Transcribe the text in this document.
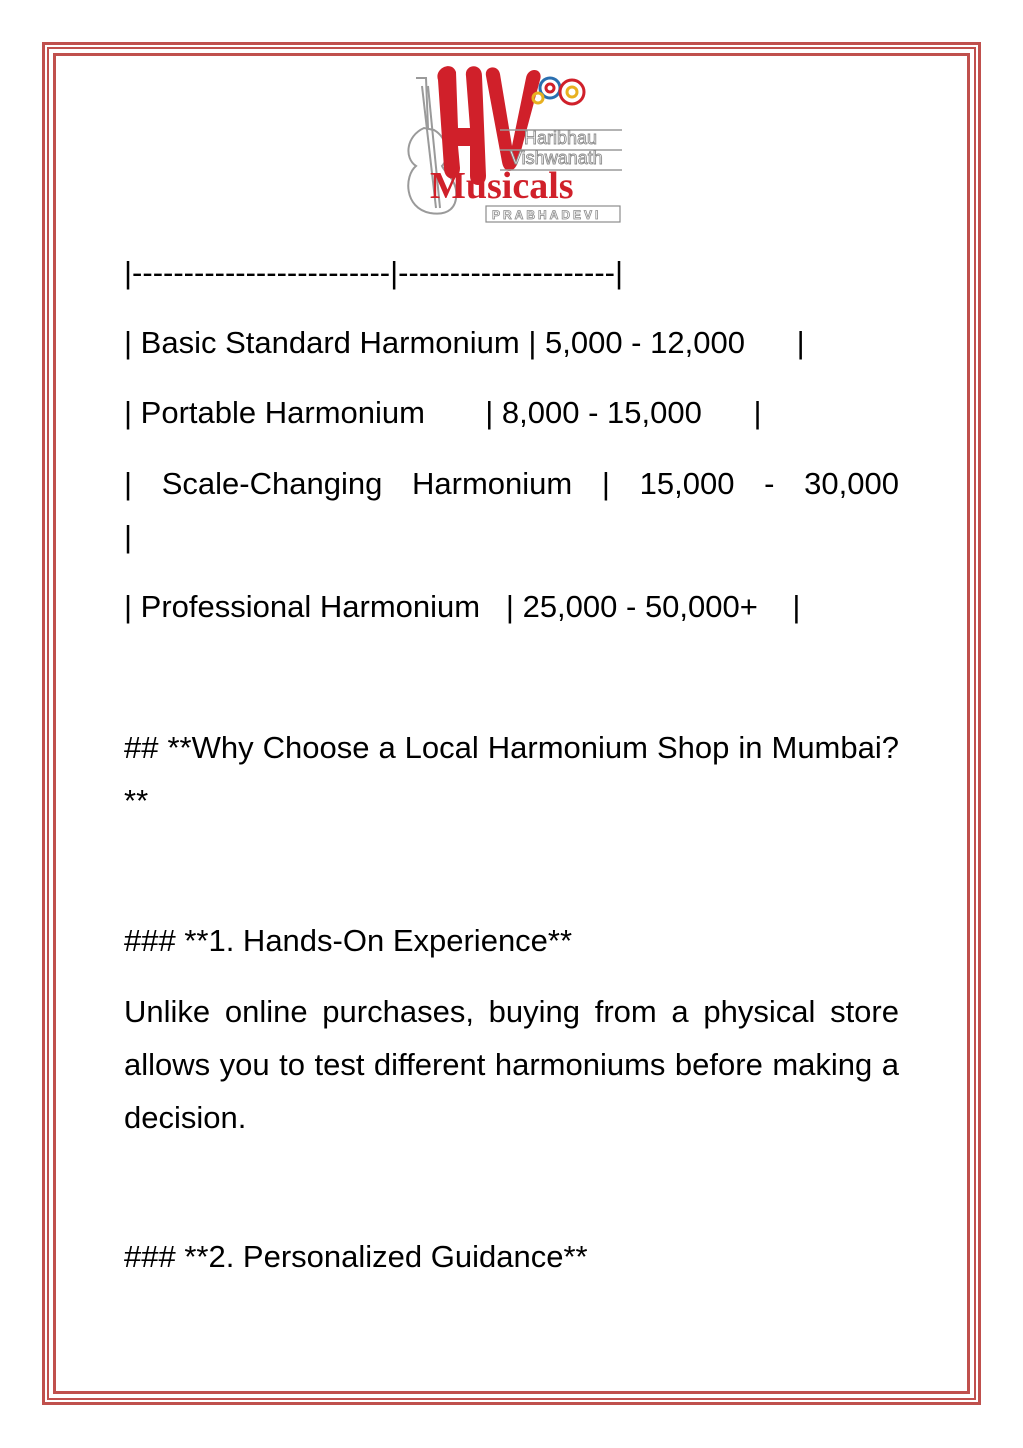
Haribhau
Vishwanath
Musicals
PRABHADEVI
|-------------------------|---------------------|
| Basic Standard Harmonium | 5,000 - 12,000      |
| Portable Harmonium       | 8,000 - 15,000      |
| Scale-Changing Harmonium | 15,000 - 30,000
|
| Professional Harmonium   | 25,000 - 50,000+    |
## **Why Choose a Local Harmonium Shop in Mumbai?**
### **1. Hands-On Experience**
Unlike online purchases, buying from a physical store allows you to test different harmoniums before making a decision.
### **2. Personalized Guidance**
